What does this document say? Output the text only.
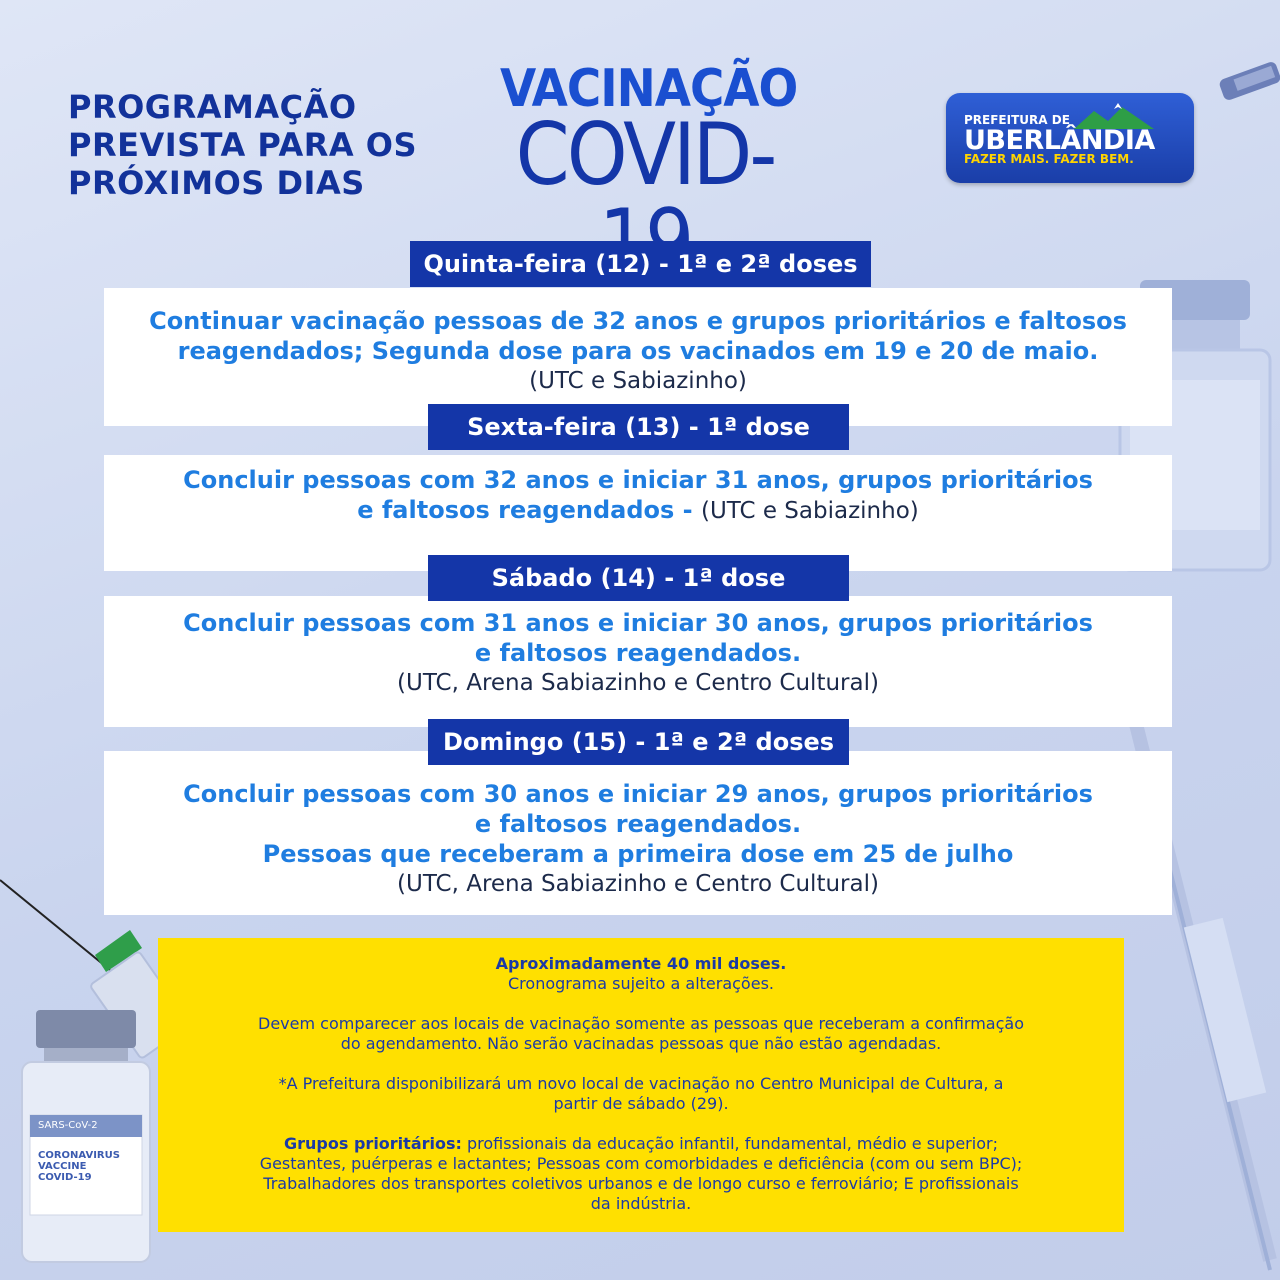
SARS-CoV-2
CORONAVIRUS
VACCINE
COVID-19
PROGRAMAÇÃO
PREVISTA PARA OS
PRÓXIMOS DIAS
VACINAÇÃO
COVID-	PREFEITURA DE
UBERLÂNDIA
FAZER MAIS. FAZER BEM.
Continuar vacinação pessoas de 32 anos e grupos prioritários e faltosos
reagendados; Segunda dose para os vacinados em 19 e 20 de maio.
(UTC e Sabiazinho)
Quinta-feira (12) - 1ª e 2ª doses
Concluir pessoas com 32 anos e iniciar 31 anos, grupos prioritários
e faltosos reagendados - (UTC e Sabiazinho)
Sexta-feira (13) - 1ª dose
Concluir pessoas com 31 anos e iniciar 30 anos, grupos prioritários
e faltosos reagendados.
(UTC, Arena Sabiazinho e Centro Cultural)
Sábado (14) - 1ª dose
Concluir pessoas com 30 anos e iniciar 29 anos, grupos prioritários
e faltosos reagendados.
Pessoas que receberam a primeira dose em 25 de julho
(UTC, Arena Sabiazinho e Centro Cultural)
Domingo (15) - 1ª e 2ª doses

Aproximadamente 40 mil doses.

Cronograma sujeito a alterações.

Devem comparecer aos locais de vacinação somente as pessoas que receberam a confirmação

do agendamento. Não serão vacinadas pessoas que não estão agendadas.

*A Prefeitura disponibilizará um novo local de vacinação no Centro Municipal de Cultura, a

partir de sábado (29).

Grupos prioritários: profissionais da educação infantil, fundamental, médio e superior;

Gestantes, puérperas e lactantes; Pessoas com comorbidades e deficiência (com ou sem BPC);

Trabalhadores dos transportes coletivos urbanos e de longo curso e ferroviário; E profissionais

da indústria.
